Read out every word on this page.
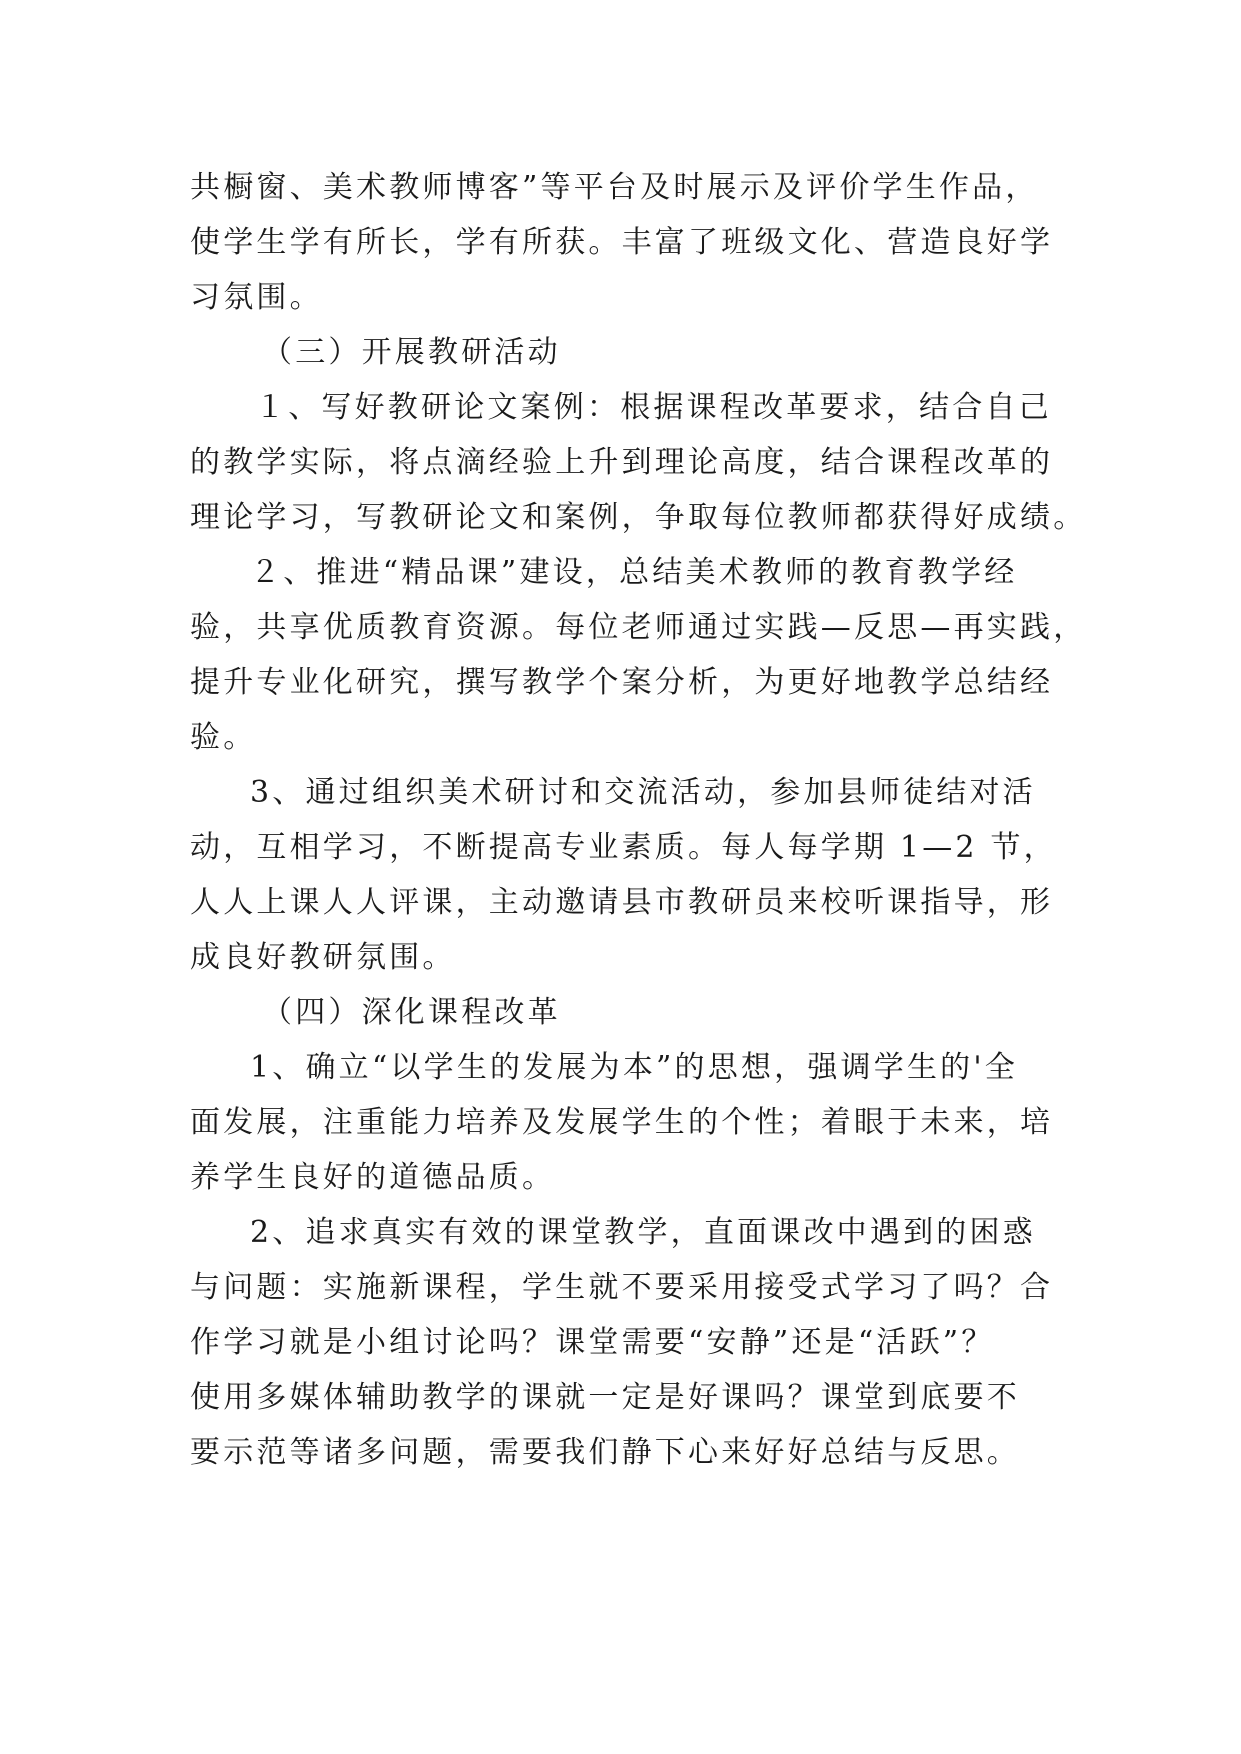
共橱窗、美术教师博客”等平台及时展示及评价学生作品，
使学生学有所长，学有所获。丰富了班级文化、营造良好学
习氛围。
（三）开展教研活动
１、写好教研论文案例：根据课程改革要求，结合自己
的教学实际，将点滴经验上升到理论高度，结合课程改革的
理论学习，写教研论文和案例，争取每位教师都获得好成绩。
２、推进“精品课”建设，总结美术教师的教育教学经
验，共享优质教育资源。每位老师通过实践—反思—再实践，
提升专业化研究，撰写教学个案分析，为更好地教学总结经
验。
3、通过组织美术研讨和交流活动，参加县师徒结对活
动，互相学习，不断提高专业素质。每人每学期 1—2 节，
人人上课人人评课，主动邀请县市教研员来校听课指导，形
成良好教研氛围。
（四）深化课程改革
1、确立“以学生的发展为本”的思想，强调学生的'全
面发展，注重能力培养及发展学生的个性；着眼于未来，培
养学生良好的道德品质。
2、追求真实有效的课堂教学，直面课改中遇到的困惑
与问题：实施新课程，学生就不要采用接受式学习了吗？合
作学习就是小组讨论吗？课堂需要“安静”还是“活跃”？
使用多媒体辅助教学的课就一定是好课吗？课堂到底要不
要示范等诸多问题，需要我们静下心来好好总结与反思。
